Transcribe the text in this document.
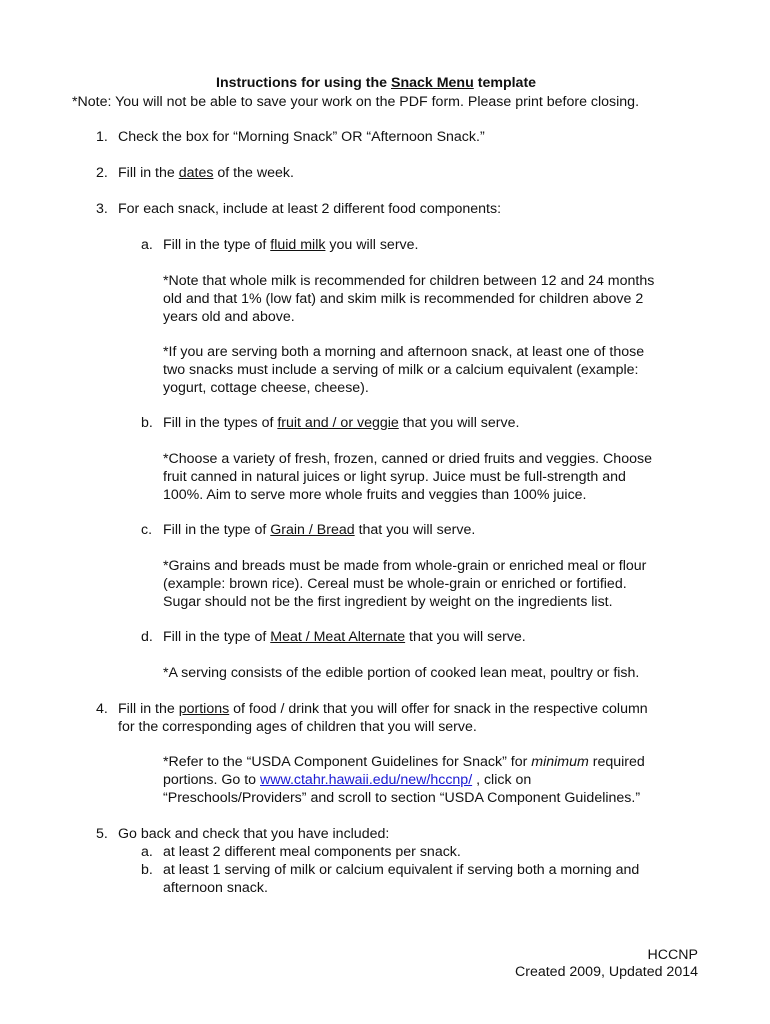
Instructions for using the Snack Menu template
*Note: You will not be able to save your work on the PDF form. Please print before closing.
1. Check the box for “Morning Snack” OR “Afternoon Snack.”
2. Fill in the dates of the week.
3. For each snack, include at least 2 different food components:
a. Fill in the type of fluid milk you will serve.
*Note that whole milk is recommended for children between 12 and 24 months
old and that 1% (low fat) and skim milk is recommended for children above 2
years old and above.
*If you are serving both a morning and afternoon snack, at least one of those
two snacks must include a serving of milk or a calcium equivalent (example:
yogurt, cottage cheese, cheese).
b. Fill in the types of fruit and / or veggie that you will serve.
*Choose a variety of fresh, frozen, canned or dried fruits and veggies. Choose
fruit canned in natural juices or light syrup. Juice must be full-strength and
100%. Aim to serve more whole fruits and veggies than 100% juice.
c. Fill in the type of Grain / Bread that you will serve.
*Grains and breads must be made from whole-grain or enriched meal or flour
(example: brown rice). Cereal must be whole-grain or enriched or fortified.
Sugar should not be the first ingredient by weight on the ingredients list.
d. Fill in the type of Meat / Meat Alternate that you will serve.
*A serving consists of the edible portion of cooked lean meat, poultry or fish.
4. Fill in the portions of food / drink that you will offer for snack in the respective column
for the corresponding ages of children that you will serve.
*Refer to the “USDA Component Guidelines for Snack” for minimum required
portions. Go to www.ctahr.hawaii.edu/new/hccnp/ , click on
“Preschools/Providers” and scroll to section “USDA Component Guidelines.”
5. Go back and check that you have included:
a. at least 2 different meal components per snack.
b. at least 1 serving of milk or calcium equivalent if serving both a morning and
afternoon snack.
HCCNP
Created 2009, Updated 2014
